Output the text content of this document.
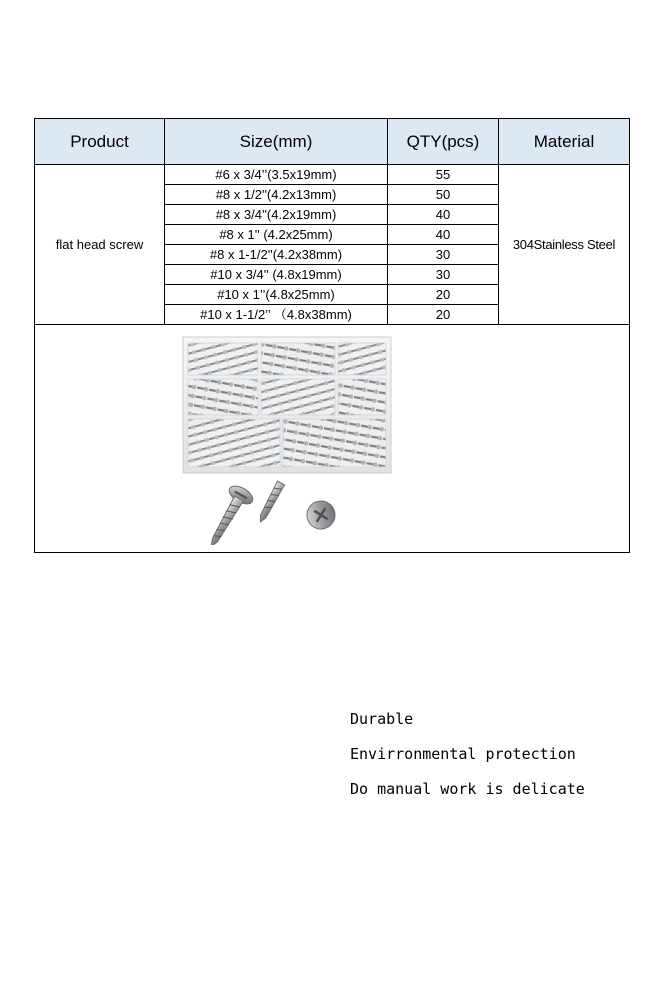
Product	Size(mm)	QTY(pcs)	Material
flat head screw	#6 x 3/4’’(3.5x19mm)	55	304Stainless Steel
	#8 x 1/2''(4.2x13mm)	50	
	#8 x 3/4''(4.2x19mm)	40	
	#8 x 1'' (4.2x25mm)	40	
	#8 x 1-1/2''(4.2x38mm)	30	
	#10 x 3/4'' (4.8x19mm)	30	
	#10 x 1’’(4.8x25mm)	20	
	#10 x 1-1/2’’ （4.8x38mm)	20	

Durable
Envirronmental protection
Do manual work is delicate
